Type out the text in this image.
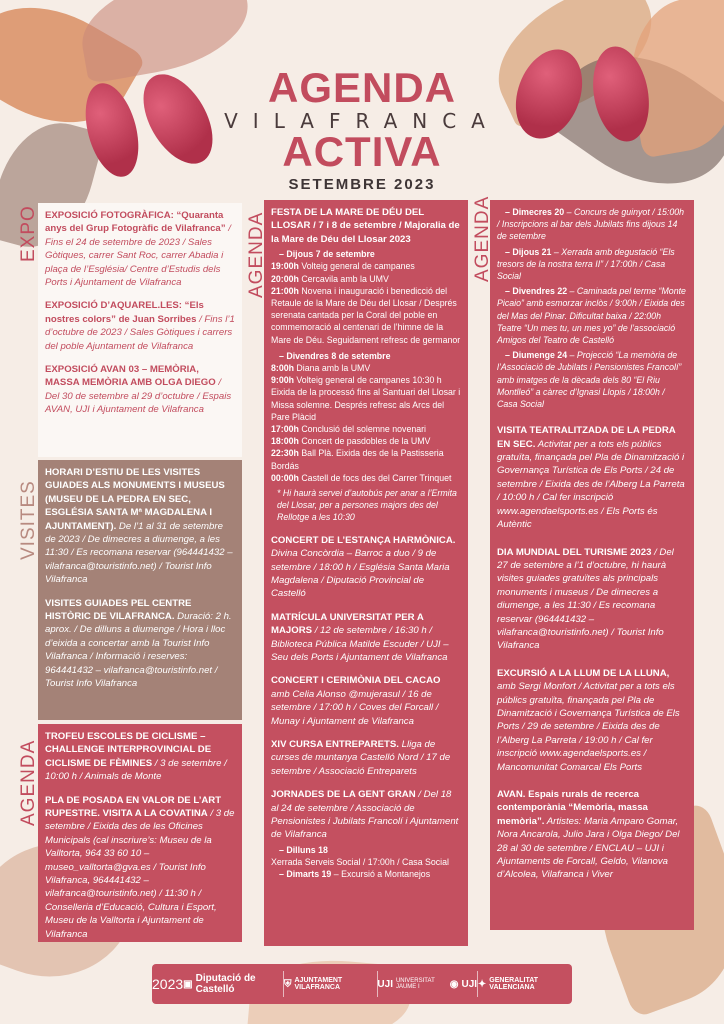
AGENDA
VILAFRANCA
ACTIVA
SETEMBRE 2023
EXPOSICIÓ FOTOGRÀFICA: “Quaranta anys del Grup Fotogràfic de Vilafranca” / Fins el 24 de setembre de 2023 / Sales Gòtiques, carrer Sant Roc, carrer Abadia i plaça de l’Església/ Centre d’Estudis dels Ports i Ajuntament de Vilafranca
EXPOSICIÓ D’AQUAREL.LES: “Els nostres colors” de Juan Sorribes / Fins l’1 d’octubre de 2023 / Sales Gòtiques i carrers del poble Ajuntament de Vilafranca
EXPOSICIÓ AVAN 03 – MEMÒRIA, MASSA MEMÒRIA AMB OLGA DIEGO / Del 30 de setembre al 29 d’octubre / Espais AVAN, UJI i Ajuntament de Vilafranca
EXPO
HORARI D’ESTIU DE LES VISITES GUIADES ALS MONUMENTS I MUSEUS (MUSEU DE LA PEDRA EN SEC, ESGLÉSIA SANTA Mª MAGDALENA I AJUNTAMENT). De l’1 al 31 de setembre de 2023 / De dimecres a diumenge, a les 11:30 / Es recomana reservar (964441432 – vilafranca@touristinfo.net) / Tourist Info Vilafranca
VISITES GUIADES PEL CENTRE HISTÒRIC DE VILAFRANCA. Duració: 2 h. aprox. / De dilluns a diumenge / Hora i lloc d’eixida a concertar amb la Tourist Info Vilafranca / Informació i reserves: 964441432 – vilafranca@touristinfo.net / Tourist Info Vilafranca
VISITES
TROFEU ESCOLES DE CICLISME – CHALLENGE INTERPROVINCIAL DE CICLISME DE FÈMINES / 3 de setembre / 10:00 h / Animals de Monte
PLA DE POSADA EN VALOR DE L’ART RUPESTRE. VISITA A LA COVATINA / 3 de setembre / Eixida des de les Oficines Municipals (cal inscriure’s: Museu de la Valltorta, 964 33 60 10 – museo_valltorta@gva.es / Tourist Info Vilafranca, 964441432 – vilafranca@touristinfo.net) / 11:30 h / Conselleria d’Educació, Cultura i Esport, Museu de la Valltorta i Ajuntament de Vilafranca
AGENDA
FESTA DE LA MARE DE DÉU DEL LLOSAR / 7 i 8 de setembre / Majoralia de la Mare de Déu del Llosar 2023
– Dijous 7 de setembre
19:00h Volteig general de campanes
20:00h Cercavila amb la UMV
21:00h Novena i inauguració i benedicció del Retaule de la Mare de Déu del Llosar / Després serenata cantada per la Coral del poble en commemoració al centenari de l’himne de la Mare de Déu. Seguidament refresc de germanor
– Divendres 8 de setembre
8:00h Diana amb la UMV
9:00h Volteig general de campanes 10:30 h Eixida de la processó fins al Santuari del Llosar i Missa solemne. Després refresc als Arcs del Pare Plàcid
17:00h Conclusió del solemne novenari
18:00h Concert de pasdobles de la UMV
22:30h Ball Plà. Eixida des de la Pastisseria Bordás
00:00h Castell de focs des del Carrer Trinquet
* Hi haurà servei d’autobús per anar a l’Ermita del Llosar, per a persones majors des del Rellotge a les 10:30
CONCERT DE L’ESTANÇA HARMÒNICA. Divina Concòrdia – Barroc a duo / 9 de setembre / 18:00 h / Església Santa Maria Magdalena / Diputació Provincial de Castelló
MATRÍCULA UNIVERSITAT PER A MAJORS / 12 de setembre / 16:30 h / Biblioteca Pública Matilde Escuder / UJI – Seu dels Ports i Ajuntament de Vilafranca
CONCERT I CERIMÒNIA DEL CACAO amb Celia Alonso @mujerasul / 16 de setembre / 17:00 h / Coves del Forcall / Munay i Ajuntament de Vilafranca
XIV CURSA ENTREPARETS. Lliga de curses de muntanya Castelló Nord / 17 de setembre / Associació Entreparets
JORNADES DE LA GENT GRAN / Del 18 al 24 de setembre / Associació de Pensionistes i Jubilats Francolí i Ajuntament de Vilafranca
– Dilluns 18
Xerrada Serveis Social / 17:00h / Casa Social
– Dimarts 19 – Excursió a Montanejos
AGENDA	– Dimecres 20 – Concurs de guinyot / 15:00h / Inscripcions al bar dels Jubilats fins dijous 14 de setembre
– Dijous 21 – Xerrada amb degustació “Els tresors de la nostra terra II” / 17:00h / Casa Social
– Divendres 22 – Caminada pel terme “Monte Picaio” amb esmorzar inclòs / 9:00h / Eixida des del Mas del Pinar. Dificultat baixa / 22:00h Teatre “Un mes tu, un mes yo” de l’associació Amigos del Teatro de Castelló
– Diumenge 24 – Projecció “La memòria de l’Associació de Jubilats i Pensionistes Francolí” amb imatges de la dècada dels 80 “El Riu Montlleó” a càrrec d’Ignasi Llopis / 18:00h / Casa Social
VISITA TEATRALITZADA DE LA PEDRA EN SEC. Activitat per a tots els públics gratuïta, finançada pel Pla de Dinamització i Governança Turística de Els Ports / 24 de setembre / Eixida des de l’Alberg La Parreta / 10:00 h / Cal fer inscripció www.agendaelsports.es / Els Ports és Autèntic
DIA MUNDIAL DEL TURISME 2023 / Del 27 de setembre a l’1 d’octubre, hi haurà visites guiades gratuïtes als principals monuments i museus / De dimecres a diumenge, a les 11:30 / Es recomana reservar (964441432 – vilafranca@touristinfo.net) / Tourist Info Vilafranca
EXCURSIÓ A LA LLUM DE LA LLUNA, amb Sergi Monfort / Activitat per a tots els públics gratuïta, finançada pel Pla de Dinamització i Governança Turística de Els Ports / 29 de setembre / Eixida des de l’Alberg La Parreta / 19:00 h / Cal fer inscripció www.agendaelsports.es / Mancomunitat Comarcal Els Ports
AVAN. Espais rurals de recerca contemporània “Memòria, massa memòria”. Artistes: Maria Amparo Gomar, Nora Ancarola, Julio Jara i Olga Diego/ Del 28 al 30 de setembre / ENCLAU – UJI i Ajuntaments de Forcall, Geldo, Vilanova d’Alcolea, Vilafranca i Viver
AGENDA
2023 ▣ Diputació de Castelló	⛨ AJUNTAMENT VILAFRANCA	UJI UNIVERSITAT JAUME I	◉ UJI ✦ GENERALITAT VALENCIANA
